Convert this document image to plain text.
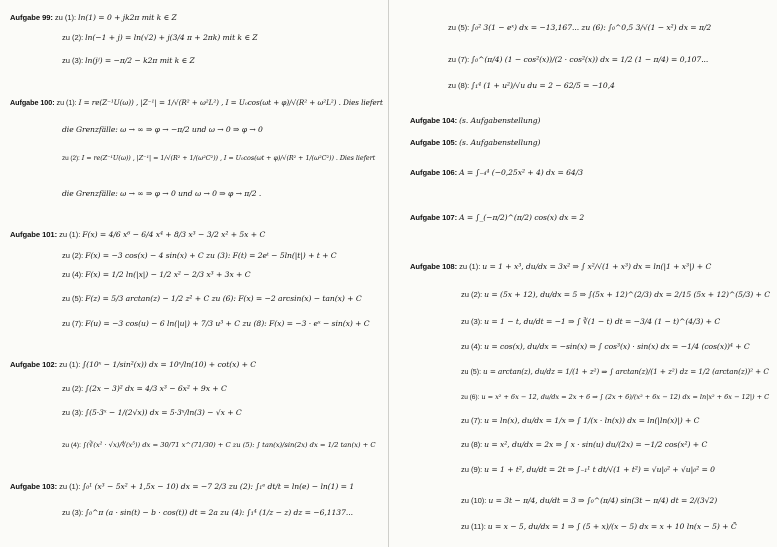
Aufgabe 99: zu (1): ln(1) = 0 + jk2π mit k ∈ Z
zu (2): ln(−1 + j) = ln(√2) + j(3/4 π + 2πk) mit k ∈ Z
zu (3): ln(jʲ) = −π/2 − k2π mit k ∈ Z
Aufgabe 100: zu (1): I = re(Z⁻¹U(ω)) , |Z⁻¹| = 1/√(R² + ω²L²) , I = U₀cos(ωt + φ)/√(R² + ω²L²) . Dies liefert
die Grenzfälle: ω → ∞ ⇒ φ → −π/2 und ω → 0 ⇒ φ → 0
zu (2): I = re(Z⁻¹U(ω)) , |Z⁻¹| = 1/√(R² + 1/(ω²C²)) , I = U₀cos(ωt + φ)/√(R² + 1/(ω²C²)) . Dies liefert
die Grenzfälle: ω → ∞ ⇒ φ → 0 und ω → 0 ⇒ φ → π/2 .
Aufgabe 101: zu (1): F(x) = 4/6 x⁶ − 6/4 x⁴ + 8/3 x³ − 3/2 x² + 5x + C
zu (2): F(x) = −3 cos(x) − 4 sin(x) + C zu (3): F(t) = 2eᵗ − 5ln(|t|) + t + C
zu (4): F(x) = 1/2 ln(|x|) − 1/2 x² − 2/3 x³ + 3x + C
zu (5): F(z) = 5/3 arctan(z) − 1/2 z² + C zu (6): F(x) = −2 arcsin(x) − tan(x) + C
zu (7): F(u) = −3 cos(u) − 6 ln(|u|) + 7/3 u³ + C zu (8): F(x) = −3 · eˣ − sin(x) + C
Aufgabe 102: zu (1): ∫(10ˣ − 1/sin²(x)) dx = 10ˣ/ln(10) + cot(x) + C
zu (2): ∫(2x − 3)² dx = 4/3 x³ − 6x² + 9x + C
zu (3): ∫(5·3ˣ − 1/(2√x)) dx = 5·3ˣ/ln(3) − √x + C
zu (4): ∫(∛(x² · √x)/∜(x⁵)) dx = 30/71 x^(71/30) + C zu (5): ∫ tan(x)/sin(2x) dx = 1/2 tan(x) + C
Aufgabe 103: zu (1): ∫₀¹ (x³ − 5x² + 1,5x − 10) dx = −7 2/3 zu (2): ∫₁ᵉ dt/t = ln(e) − ln(1) = 1
zu (3): ∫₀^π (a · sin(t) − b · cos(t)) dt = 2a zu (4): ∫₁⁴ (1/z − z) dz = −6,1137...
zu (5): ∫₀² 3(1 − eˣ) dx = −13,167... zu (6): ∫₀^0,5 3/√(1 − x²) dx = π/2
zu (7): ∫₀^(π/4) (1 − cos²(x))/(2 · cos²(x)) dx = 1/2 (1 − π/4) = 0,107...
zu (8): ∫₁⁴ (1 + u²)/√u du = 2 − 62/5 = −10,4
Aufgabe 104: (s. Aufgabenstellung)
Aufgabe 105: (s. Aufgabenstellung)
Aufgabe 106: A = ∫₋₄⁴ (−0,25x² + 4) dx = 64/3
Aufgabe 107: A = ∫_(−π/2)^(π/2) cos(x) dx = 2
Aufgabe 108: zu (1): u = 1 + x³, du/dx = 3x² ⇒ ∫ x²/√(1 + x³) dx = ln(|1 + x³|) + C
zu (2): u = (5x + 12), du/dx = 5 ⇒ ∫(5x + 12)^(2/3) dx = 2/15 (5x + 12)^(5/3) + C
zu (3): u = 1 − t, du/dt = −1 ⇒ ∫ ∛(1 − t) dt = −3/4 (1 − t)^(4/3) + C
zu (4): u = cos(x), du/dx = −sin(x) ⇒ ∫ cos³(x) · sin(x) dx = −1/4 (cos(x))⁴ + C
zu (5): u = arctan(z), du/dz = 1/(1 + z²) ⇒ ∫ arctan(z)/(1 + z²) dz = 1/2 (arctan(z))² + C
zu (6): u = x² + 6x − 12, du/dx = 2x + 6 ⇒ ∫ (2x + 6)/(x² + 6x − 12) dx = ln|x² + 6x − 12|) + C
zu (7): u = ln(x), du/dx = 1/x ⇒ ∫ 1/(x · ln(x)) dx = ln(|ln(x)|) + C
zu (8): u = x², du/dx = 2x ⇒ ∫ x · sin(u) du/(2x) = −1/2 cos(x²) + C
zu (9): u = 1 + t², du/dt = 2t ⇒ ∫₋₁¹ t dt/√(1 + t²) = √u|₀² + √u|₀² = 0
zu (10): u = 3t − π/4, du/dt = 3 ⇒ ∫₀^(π/4) sin(3t − π/4) dt = 2/(3√2)
zu (11): u = x − 5, du/dx = 1 ⇒ ∫ (5 + x)/(x − 5) dx = x + 10 ln(x − 5) + C̃
